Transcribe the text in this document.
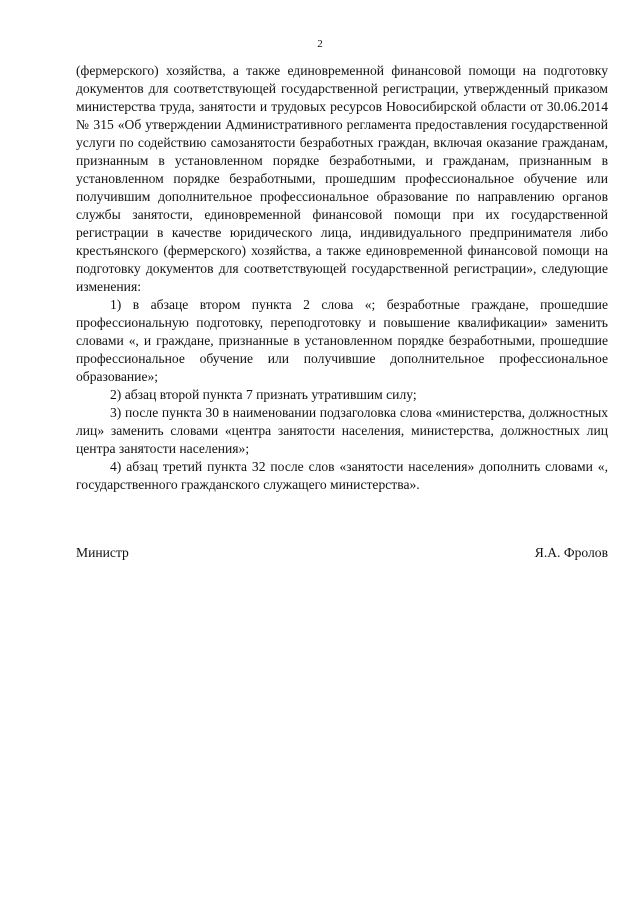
2

(фермерского) хозяйства, а также единовременной финансовой помощи на подготовку документов для соответствующей государственной регистрации, утвержденный приказом министерства труда, занятости и трудовых ресурсов Новосибирской области от 30.06.2014 № 315 «Об утверждении Административного регламента предоставления государственной услуги по содействию самозанятости безработных граждан, включая оказание гражданам, признанным в установленном порядке безработными, и гражданам, признанным в установленном порядке безработными, прошедшим профессиональное обучение или получившим дополнительное профессиональное образование по направлению органов службы занятости, единовременной финансовой помощи при их государственной регистрации в качестве юридического лица, индивидуального предпринимателя либо крестьянского (фермерского) хозяйства, а также единовременной финансовой помощи на подготовку документов для соответствующей государственной регистрации», следующие изменения:

1) в абзаце втором пункта 2 слова «; безработные граждане, прошедшие профессиональную подготовку, переподготовку и повышение квалификации» заменить словами «, и граждане, признанные в установленном порядке безработными, прошедшие профессиональное обучение или получившие дополнительное профессиональное образование»;

2) абзац второй пункта 7 признать утратившим силу;

3) после пункта 30 в наименовании подзаголовка слова «министерства, должностных лиц» заменить словами «центра занятости населения, министерства, должностных лиц центра занятости населения»;

4) абзац третий пункта 32 после слов «занятости населения» дополнить словами «, государственного гражданского служащего министерства».

Министр	Я.А. Фролов
